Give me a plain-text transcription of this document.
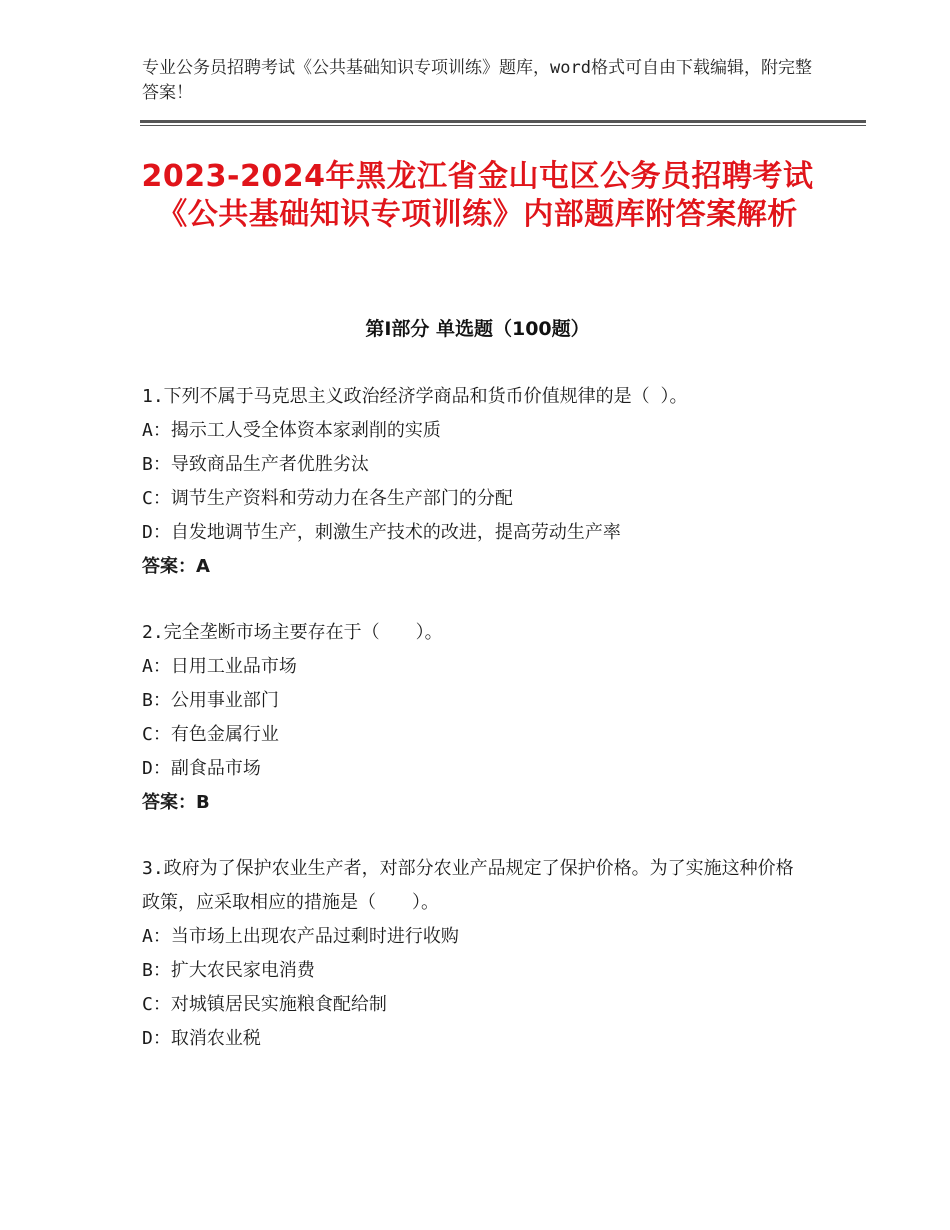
专业公务员招聘考试《公共基础知识专项训练》题库，word格式可自由下载编辑，附完整答案！
2023-2024年黑龙江省金山屯区公务员招聘考试《公共基础知识专项训练》内部题库附答案解析
第Ⅰ部分 单选题（100题）
1.下列不属于马克思主义政治经济学商品和货币价值规律的是（ ）。
A：揭示工人受全体资本家剥削的实质
B：导致商品生产者优胜劣汰
C：调节生产资料和劳动力在各生产部门的分配
D：自发地调节生产，刺激生产技术的改进，提高劳动生产率
答案：A
2.完全垄断市场主要存在于（　　）。
A：日用工业品市场
B：公用事业部门
C：有色金属行业
D：副食品市场
答案：B
3.政府为了保护农业生产者，对部分农业产品规定了保护价格。为了实施这种价格政策，应采取相应的措施是（　　）。
A：当市场上出现农产品过剩时进行收购
B：扩大农民家电消费
C：对城镇居民实施粮食配给制
D：取消农业税
